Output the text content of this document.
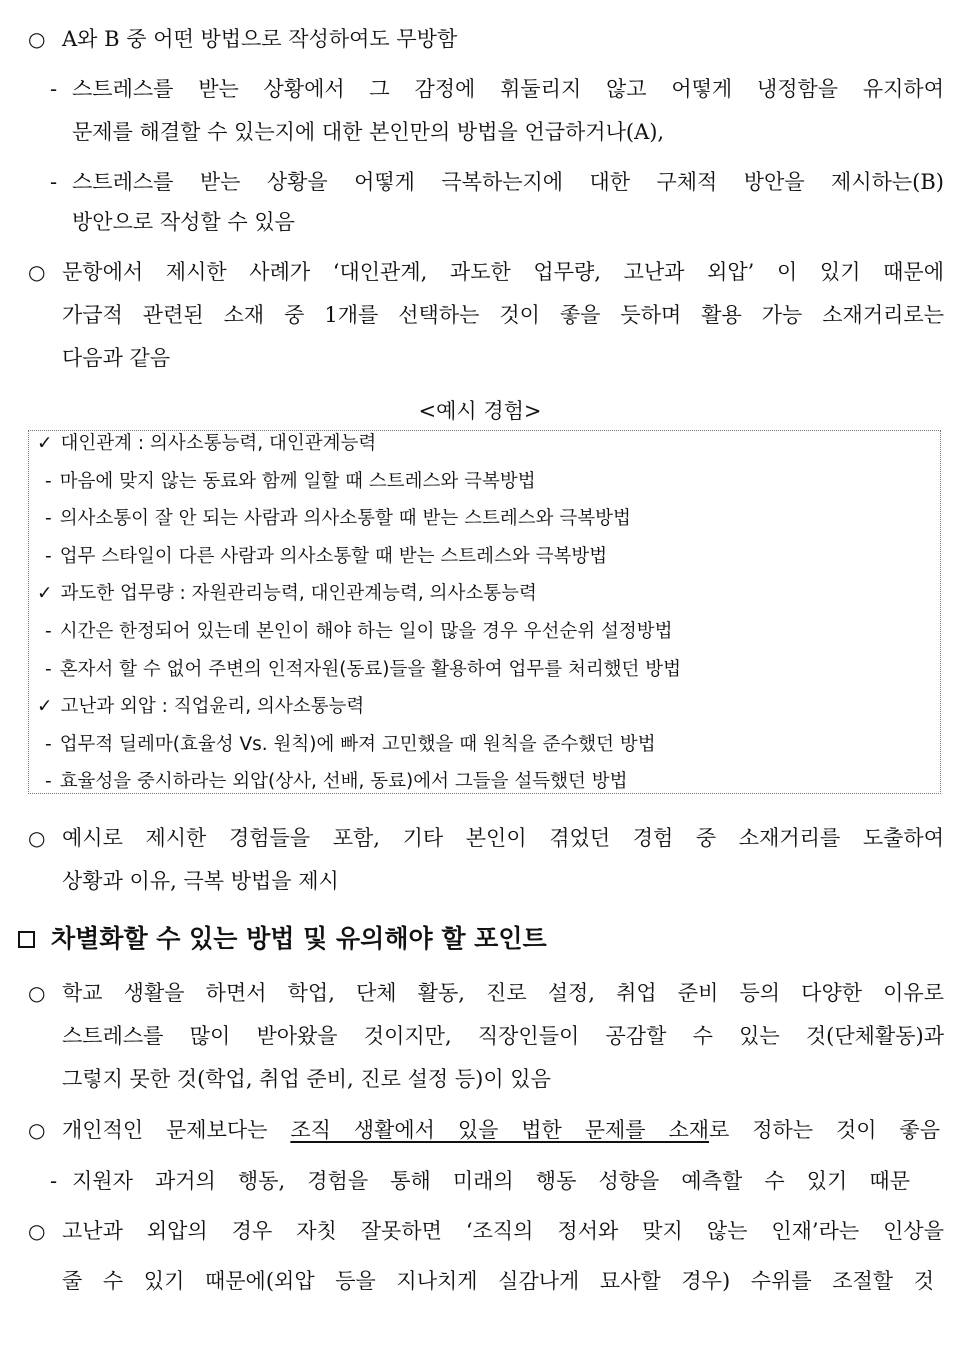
○ A와 B 중 어떤 방법으로 작성하여도 무방함
- 스트레스를 받는 상황에서 그 감정에 휘둘리지 않고 어떻게 냉정함을 유지하여
문제를 해결할 수 있는지에 대한 본인만의 방법을 언급하거나(A),
- 스트레스를 받는 상황을 어떻게 극복하는지에 대한 구체적 방안을 제시하는(B)
방안으로 작성할 수 있음
○ 문항에서 제시한 사례가 ‘대인관계, 과도한 업무량, 고난과 외압’ 이 있기 때문에
가급적 관련된 소재 중 1개를 선택하는 것이 좋을 듯하며 활용 가능 소재거리로는
다음과 같음
<예시 경험>
✓ 대인관계 : 의사소통능력, 대인관계능력
- 마음에 맞지 않는 동료와 함께 일할 때 스트레스와 극복방법
- 의사소통이 잘 안 되는 사람과 의사소통할 때 받는 스트레스와 극복방법
- 업무 스타일이 다른 사람과 의사소통할 때 받는 스트레스와 극복방법
✓ 과도한 업무량 : 자원관리능력, 대인관계능력, 의사소통능력
- 시간은 한정되어 있는데 본인이 해야 하는 일이 많을 경우 우선순위 설정방법
- 혼자서 할 수 없어 주변의 인적자원(동료)들을 활용하여 업무를 처리했던 방법
✓ 고난과 외압 : 직업윤리, 의사소통능력
- 업무적 딜레마(효율성 Vs. 원칙)에 빠져 고민했을 때 원칙을 준수했던 방법
- 효율성을 중시하라는 외압(상사, 선배, 동료)에서 그들을 설득했던 방법
○ 예시로 제시한 경험들을 포함, 기타 본인이 겪었던 경험 중 소재거리를 도출하여
상황과 이유, 극복 방법을 제시
차별화할 수 있는 방법 및 유의해야 할 포인트
○ 학교 생활을 하면서 학업, 단체 활동, 진로 설정, 취업 준비 등의 다양한 이유로
스트레스를 많이 받아왔을 것이지만, 직장인들이 공감할 수 있는 것(단체활동)과
그렇지 못한 것(학업, 취업 준비, 진로 설정 등)이 있음
○ 개인적인 문제보다는 조직 생활에서 있을 법한 문제를 소재로 정하는 것이 좋음
- 지원자 과거의 행동, 경험을 통해 미래의 행동 성향을 예측할 수 있기 때문
○ 고난과 외압의 경우 자칫 잘못하면 ‘조직의 정서와 맞지 않는 인재’라는 인상을
줄 수 있기 때문에(외압 등을 지나치게 실감나게 묘사할 경우) 수위를 조절할 것
